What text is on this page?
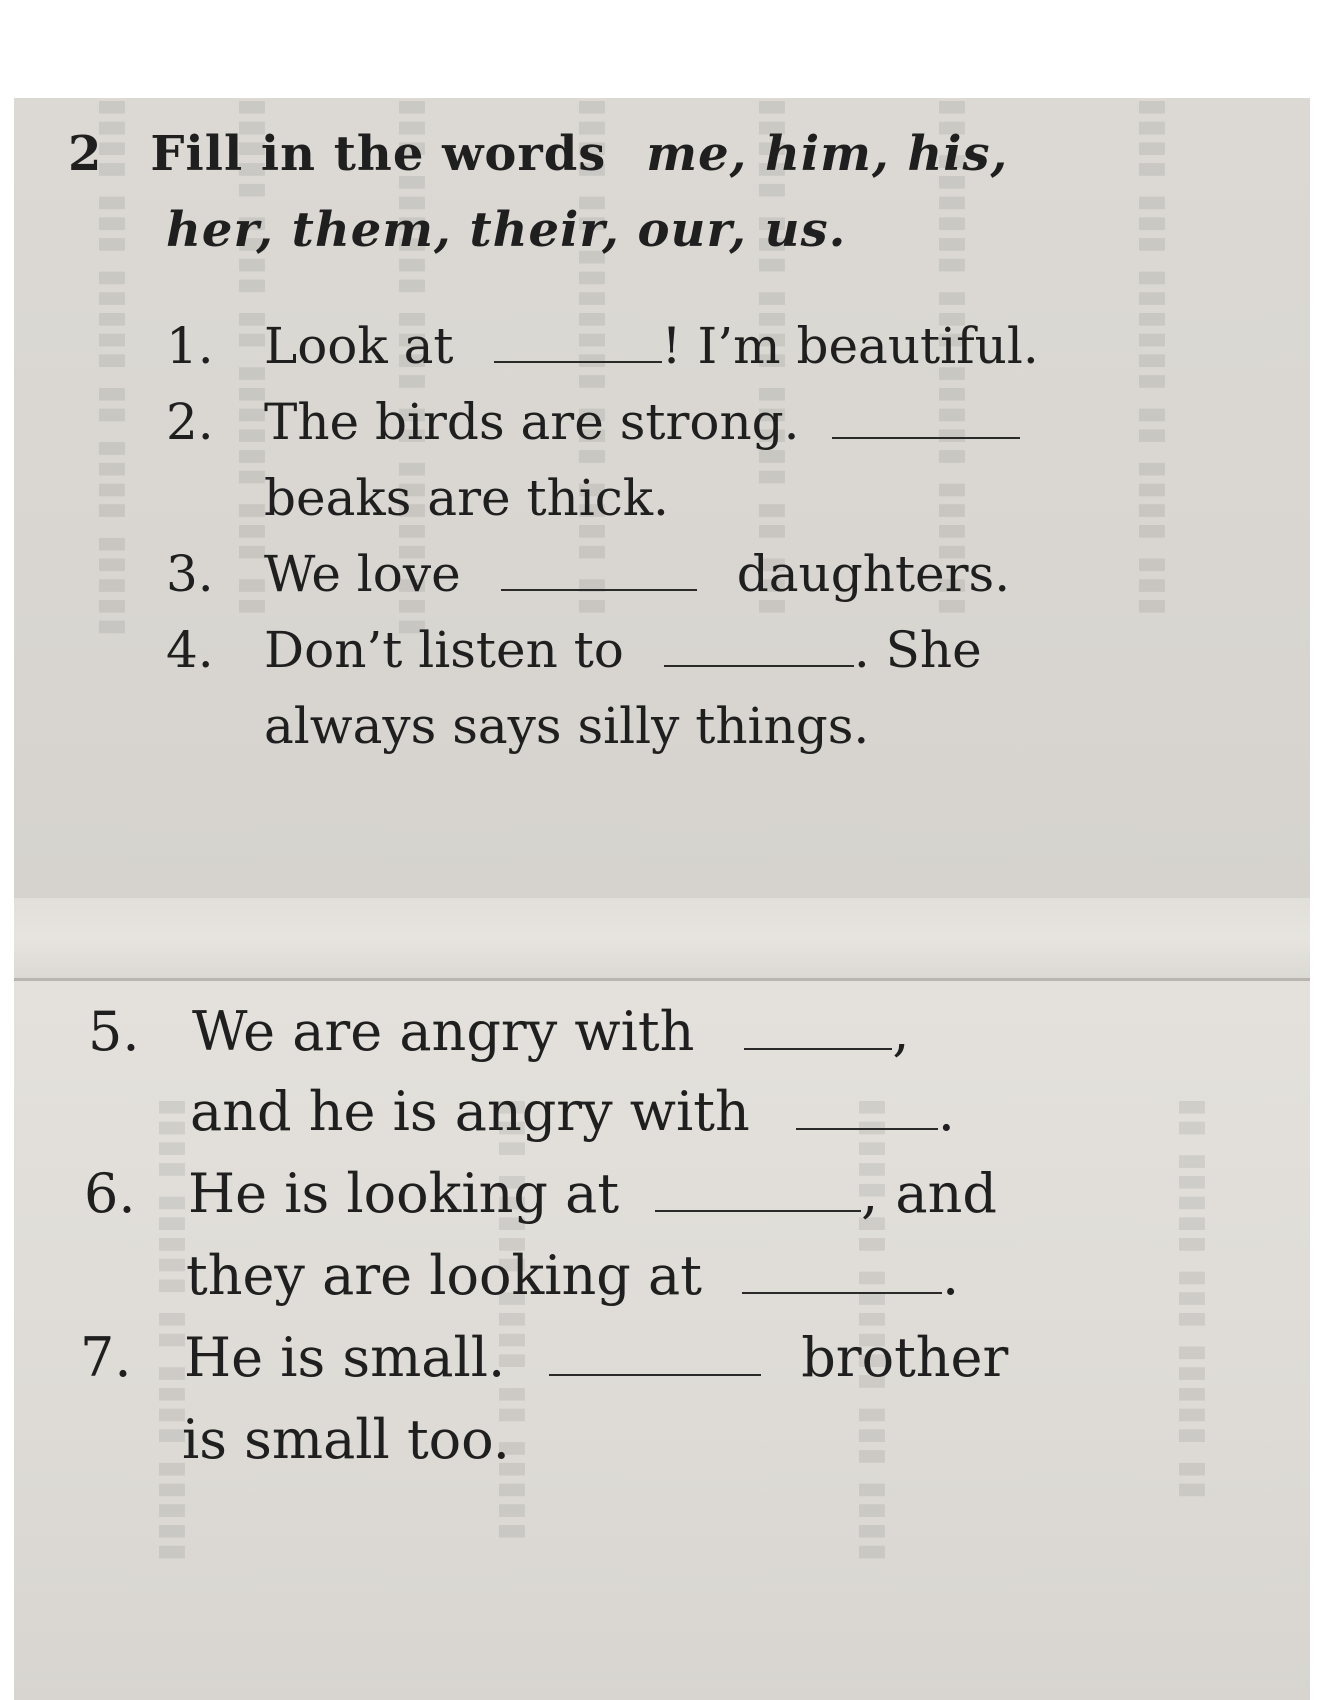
▮▮▮▮ ▮▮▮ ▮▮▮▮▮ ▮▮ ▮▮▮▮ ▮▮▮▮▮	▮▮▮▮▮ ▮▮▮▮ ▮▮ ▮▮▮▮▮▮ ▮▮▮ ▮▮	▮▮▮ ▮▮▮▮▮▮ ▮▮▮▮ ▮▮ ▮▮▮▮▮ ▮▮▮	▮▮▮▮ ▮▮ ▮▮▮▮▮▮▮ ▮▮▮ ▮▮▮▮ ▮▮	▮▮▮▮▮ ▮▮▮ ▮▮▮▮ ▮▮▮▮▮ ▮▮ ▮▮▮	▮▮ ▮▮▮▮▮▮ ▮▮▮ ▮▮▮▮▮ ▮▮▮▮ ▮▮	▮▮▮▮ ▮▮▮ ▮▮▮▮▮▮ ▮▮ ▮▮▮▮ ▮▮▮
▮▮▮▮ ▮▮▮▮▮ ▮▮ ▮▮▮▮ ▮▮▮▮▮	▮▮▮ ▮▮▮▮▮ ▮▮▮▮ ▮▮ ▮▮▮▮▮	▮▮▮▮▮ ▮▮ ▮▮▮▮▮▮ ▮▮▮ ▮▮▮▮	▮▮ ▮▮▮▮▮ ▮▮▮ ▮▮▮▮▮ ▮▮
2 Fill in the words me, him, his,
her, them, their, our, us.
1. Look at	! I’m beautiful.
2. The birds are strong.
beaks are thick.
3. We love	daughters.
4. Don’t listen to	. She
always says silly things.
5. We are angry with	,
and he is angry with	.
6. He is looking at	, and
they are looking at	.
7. He is small.	brother
is small too.
